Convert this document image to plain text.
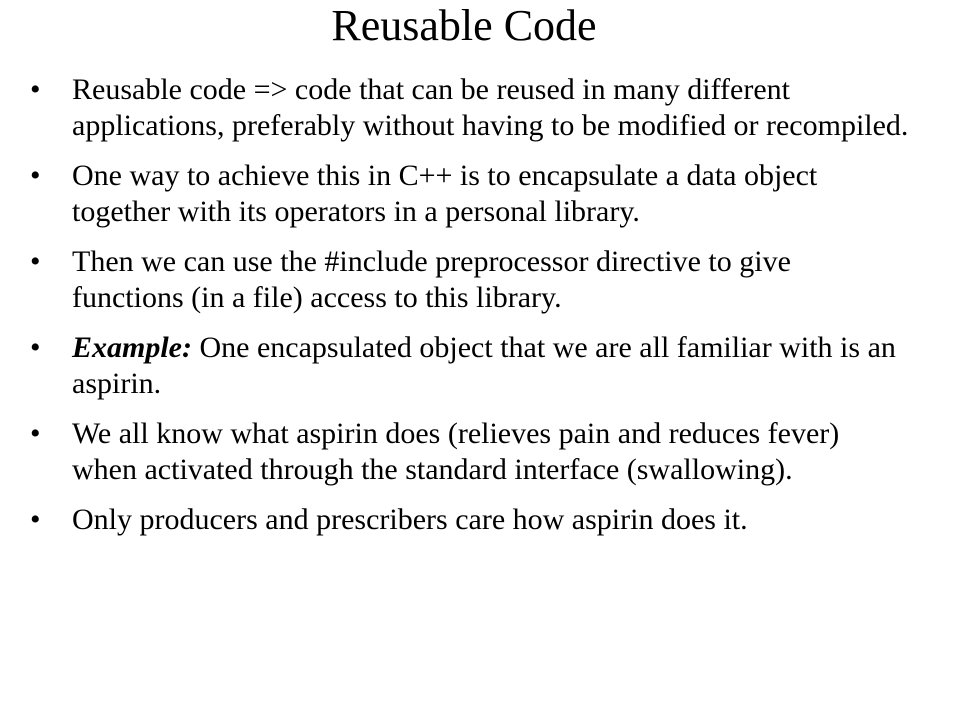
Reusable Code
•	Reusable code => code that can be reused in many different applications, preferably without having to be modified or recompiled.
•	One way to achieve this in C++ is to encapsulate a data object together with its operators in a personal library.
•	Then we can use the #include preprocessor directive to give functions (in a file) access to this library.
•	Example: One encapsulated object that we are all familiar with is an aspirin.
•	We all know what aspirin does (relieves pain and reduces fever) when activated through the standard interface (swallowing).
•	Only producers and prescribers care how aspirin does it.
